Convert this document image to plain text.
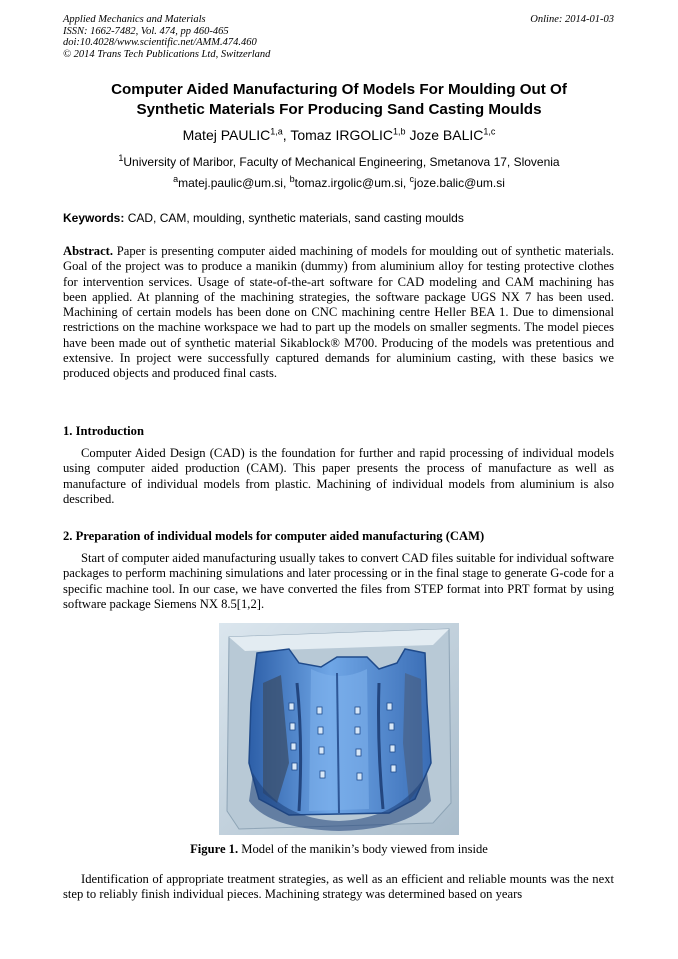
Applied Mechanics and Materials
ISSN: 1662-7482, Vol. 474, pp 460-465
doi:10.4028/www.scientific.net/AMM.474.460
© 2014 Trans Tech Publications Ltd, Switzerland
Online: 2014-01-03
Computer Aided Manufacturing Of Models For Moulding Out Of
Synthetic Materials For Producing Sand Casting Moulds
Matej PAULIC$^{1,a}$, Tomaz IRGOLIC$^{1,b}$ Joze BALIC$^{1,c}$
$^1$University of Maribor, Faculty of Mechanical Engineering, Smetanova 17, Slovenia
$^a$matej.paulic@um.si, $^b$tomaz.irgolic@um.si, $^c$joze.balic@um.si
Keywords: CAD, CAM, moulding, synthetic materials, sand casting moulds
Abstract. Paper is presenting computer aided machining of models for moulding out of synthetic materials. Goal of the project was to produce a manikin (dummy) from aluminium alloy for testing protective clothes for intervention services. Usage of state-of-the-art software for CAD modeling and CAM machining has been applied. At planning of the machining strategies, the software package UGS NX 7 has been used. Machining of certain models has been done on CNC machining centre Heller BEA 1. Due to dimensional restrictions on the machine workspace we had to part up the models on smaller segments. The model pieces have been made out of synthetic material Sikablock® M700. Producing of the models was pretentious and extensive. In project were successfully captured demands for aluminium casting, with these basics we produced objects and produced final casts.
1. Introduction
Computer Aided Design (CAD) is the foundation for further and rapid processing of individual models using computer aided production (CAM). This paper presents the process of manufacture as well as manufacture of individual models from plastic. Machining of individual models from aluminium is also described.
2. Preparation of individual models for computer aided manufacturing (CAM)
Start of computer aided manufacturing usually takes to convert CAD files suitable for individual software packages to perform machining simulations and later processing or in the final stage to generate G-code for a specific machine tool. In our case, we have converted the files from STEP format into PRT format by using software package Siemens NX 8.5[1,2].
Figure 1. Model of the manikin’s body viewed from inside
Identification of appropriate treatment strategies, as well as an efficient and reliable mounts was the next step to reliably finish individual pieces. Machining strategy was determined based on years
